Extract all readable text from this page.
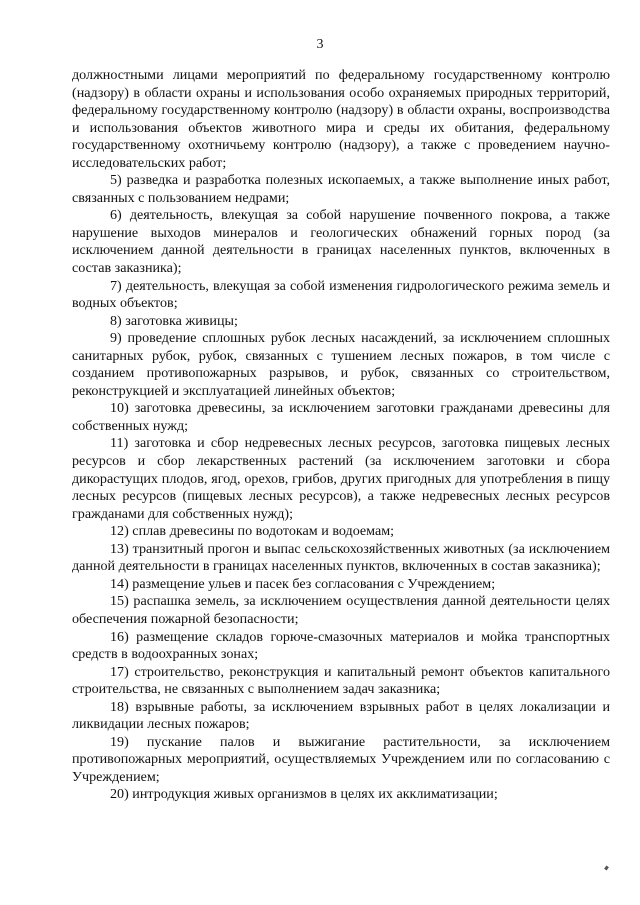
3

должностными лицами мероприятий по федеральному государственному контролю (надзору) в области охраны и использования особо охраняемых природных территорий, федеральному государственному контролю (надзору) в области охраны, воспроизводства и использования объектов животного мира и среды их обитания, федеральному государственному охотничьему контролю (надзору), а также с проведением научно-исследовательских работ;

5) разведка и разработка полезных ископаемых, а также выполнение иных работ, связанных с пользованием недрами;

6) деятельность, влекущая за собой нарушение почвенного покрова, а также нарушение выходов минералов и геологических обнажений горных пород (за исключением данной деятельности в границах населенных пунктов, включенных в состав заказника);

7) деятельность, влекущая за собой изменения гидрологического режима земель и водных объектов;

8) заготовка живицы;

9) проведение сплошных рубок лесных насаждений, за исключением сплошных санитарных рубок, рубок, связанных с тушением лесных пожаров, в том числе с созданием противопожарных разрывов, и рубок, связанных со строительством, реконструкцией и эксплуатацией линейных объектов;

10) заготовка древесины, за исключением заготовки гражданами древесины для собственных нужд;

11) заготовка и сбор недревесных лесных ресурсов, заготовка пищевых лесных ресурсов и сбор лекарственных растений (за исключением заготовки и сбора дикорастущих плодов, ягод, орехов, грибов, других пригодных для употребления в пищу лесных ресурсов (пищевых лесных ресурсов), а также недревесных лесных ресурсов гражданами для собственных нужд);

12) сплав древесины по водотокам и водоемам;

13) транзитный прогон и выпас сельскохозяйственных животных (за исключением данной деятельности в границах населенных пунктов, включенных в состав заказника);

14) размещение ульев и пасек без согласования с Учреждением;

15) распашка земель, за исключением осуществления данной деятельности целях обеспечения пожарной безопасности;

16) размещение складов горюче-смазочных материалов и мойка транспортных средств в водоохранных зонах;

17) строительство, реконструкция и капитальный ремонт объектов капитального строительства, не связанных с выполнением задач заказника;

18) взрывные работы, за исключением взрывных работ в целях локализации и ликвидации лесных пожаров;

19) пускание палов и выжигание растительности, за исключением противопожарных мероприятий, осуществляемых Учреждением или по согласованию с Учреждением;

20) интродукция живых организмов в целях их акклиматизации;
